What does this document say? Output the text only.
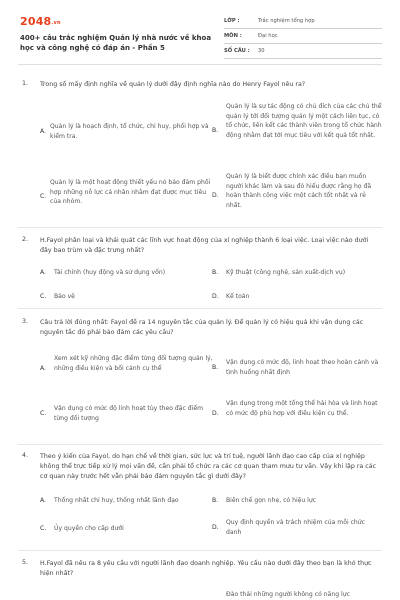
2048.vn
400+ câu trắc nghiệm Quản lý nhà nước về khoa học và công nghệ có đáp án - Phần 5
LỚP :	Trắc nghiệm tổng hợp
MÔN :	Đại học
SỐ CÂU :	30
1. Trong số mấy định nghĩa về quản lý dưới đây định nghĩa nào do Henry Fayol nêu ra?
A.
Quản lý là hoạch định, tổ chức, chỉ huy, phối hợp và kiểm tra.
B.
Quản lý là sự tác động có chủ đích của các chủ thể quản lý tới đối tượng quản lý một cách liên tục, có tổ chức, liên kết các thành viên trong tổ chức hành động nhằm đạt tới mục tiêu với kết quả tốt nhất.
C.
Quản lý là một hoạt động thiết yếu nó bảo đảm phối hợp những nỗ lực cá nhân nhằm đạt được mục tiêu của nhóm.
D.
Quản lý là biết được chính xác điều bạn muốn người khác làm và sau đó hiểu được rằng họ đã hoàn thành công việc một cách tốt nhất và rẻ nhất.
2. H.Fayol phân loại và khái quát các lĩnh vực hoạt động của xí nghiệp thành 6 loại việc. Loại việc nào dưới đây bao trùm và đặc trưng nhất?
A. Tài chính (huy động và sử dụng vốn)	B. Kỹ thuật (công nghệ, sản xuất-dịch vụ)
C. Bảo vệ	D. Kế toán
3. Câu trả lời đúng nhất: Fayol đề ra 14 nguyên tắc của quản lý. Để quản lý có hiệu quả khi vận dụng các nguyên tắc đó phải bảo đảm các yêu cầu?
A.
Xem xét kỹ những đặc điểm từng đối tượng quản lý, những điều kiện và bối cảnh cụ thể	B.
Vận dụng có mức độ, linh hoạt theo hoàn cảnh và tình huống nhất định
C.
Vận dụng có mức độ linh hoạt tùy theo đặc điểm từng đối tượng
D.
Vận dụng trong một tổng thể hài hòa và linh hoạt có mức độ phù hợp với điều kiện cụ thể.
4. Theo ý kiến của Fayol, do hạn chế về thời gian, sức lực và trí tuệ, người lãnh đạo cao cấp của xí nghiệp không thể trực tiếp xử lý mọi vấn đề, cần phải tổ chức ra các cơ quan tham mưu tư vấn. Vậy khi lập ra các cơ quan này trước hết vẫn phải bảo đảm nguyên tắc gì dưới đây?
A. Thống nhất chỉ huy, thống nhất lãnh đạo	B. Biên chế gọn nhẹ, có hiệu lực
C. Ủy quyền cho cấp dưới	D.
Quy định quyền và trách nhiệm của mỗi chức danh
5. H.Fayol đã nêu ra 8 yêu cầu với người lãnh đạo doanh nghiệp. Yêu cầu nào dưới đây theo bạn là khó thực hiện nhất?
Đào thải những người không có năng lực
